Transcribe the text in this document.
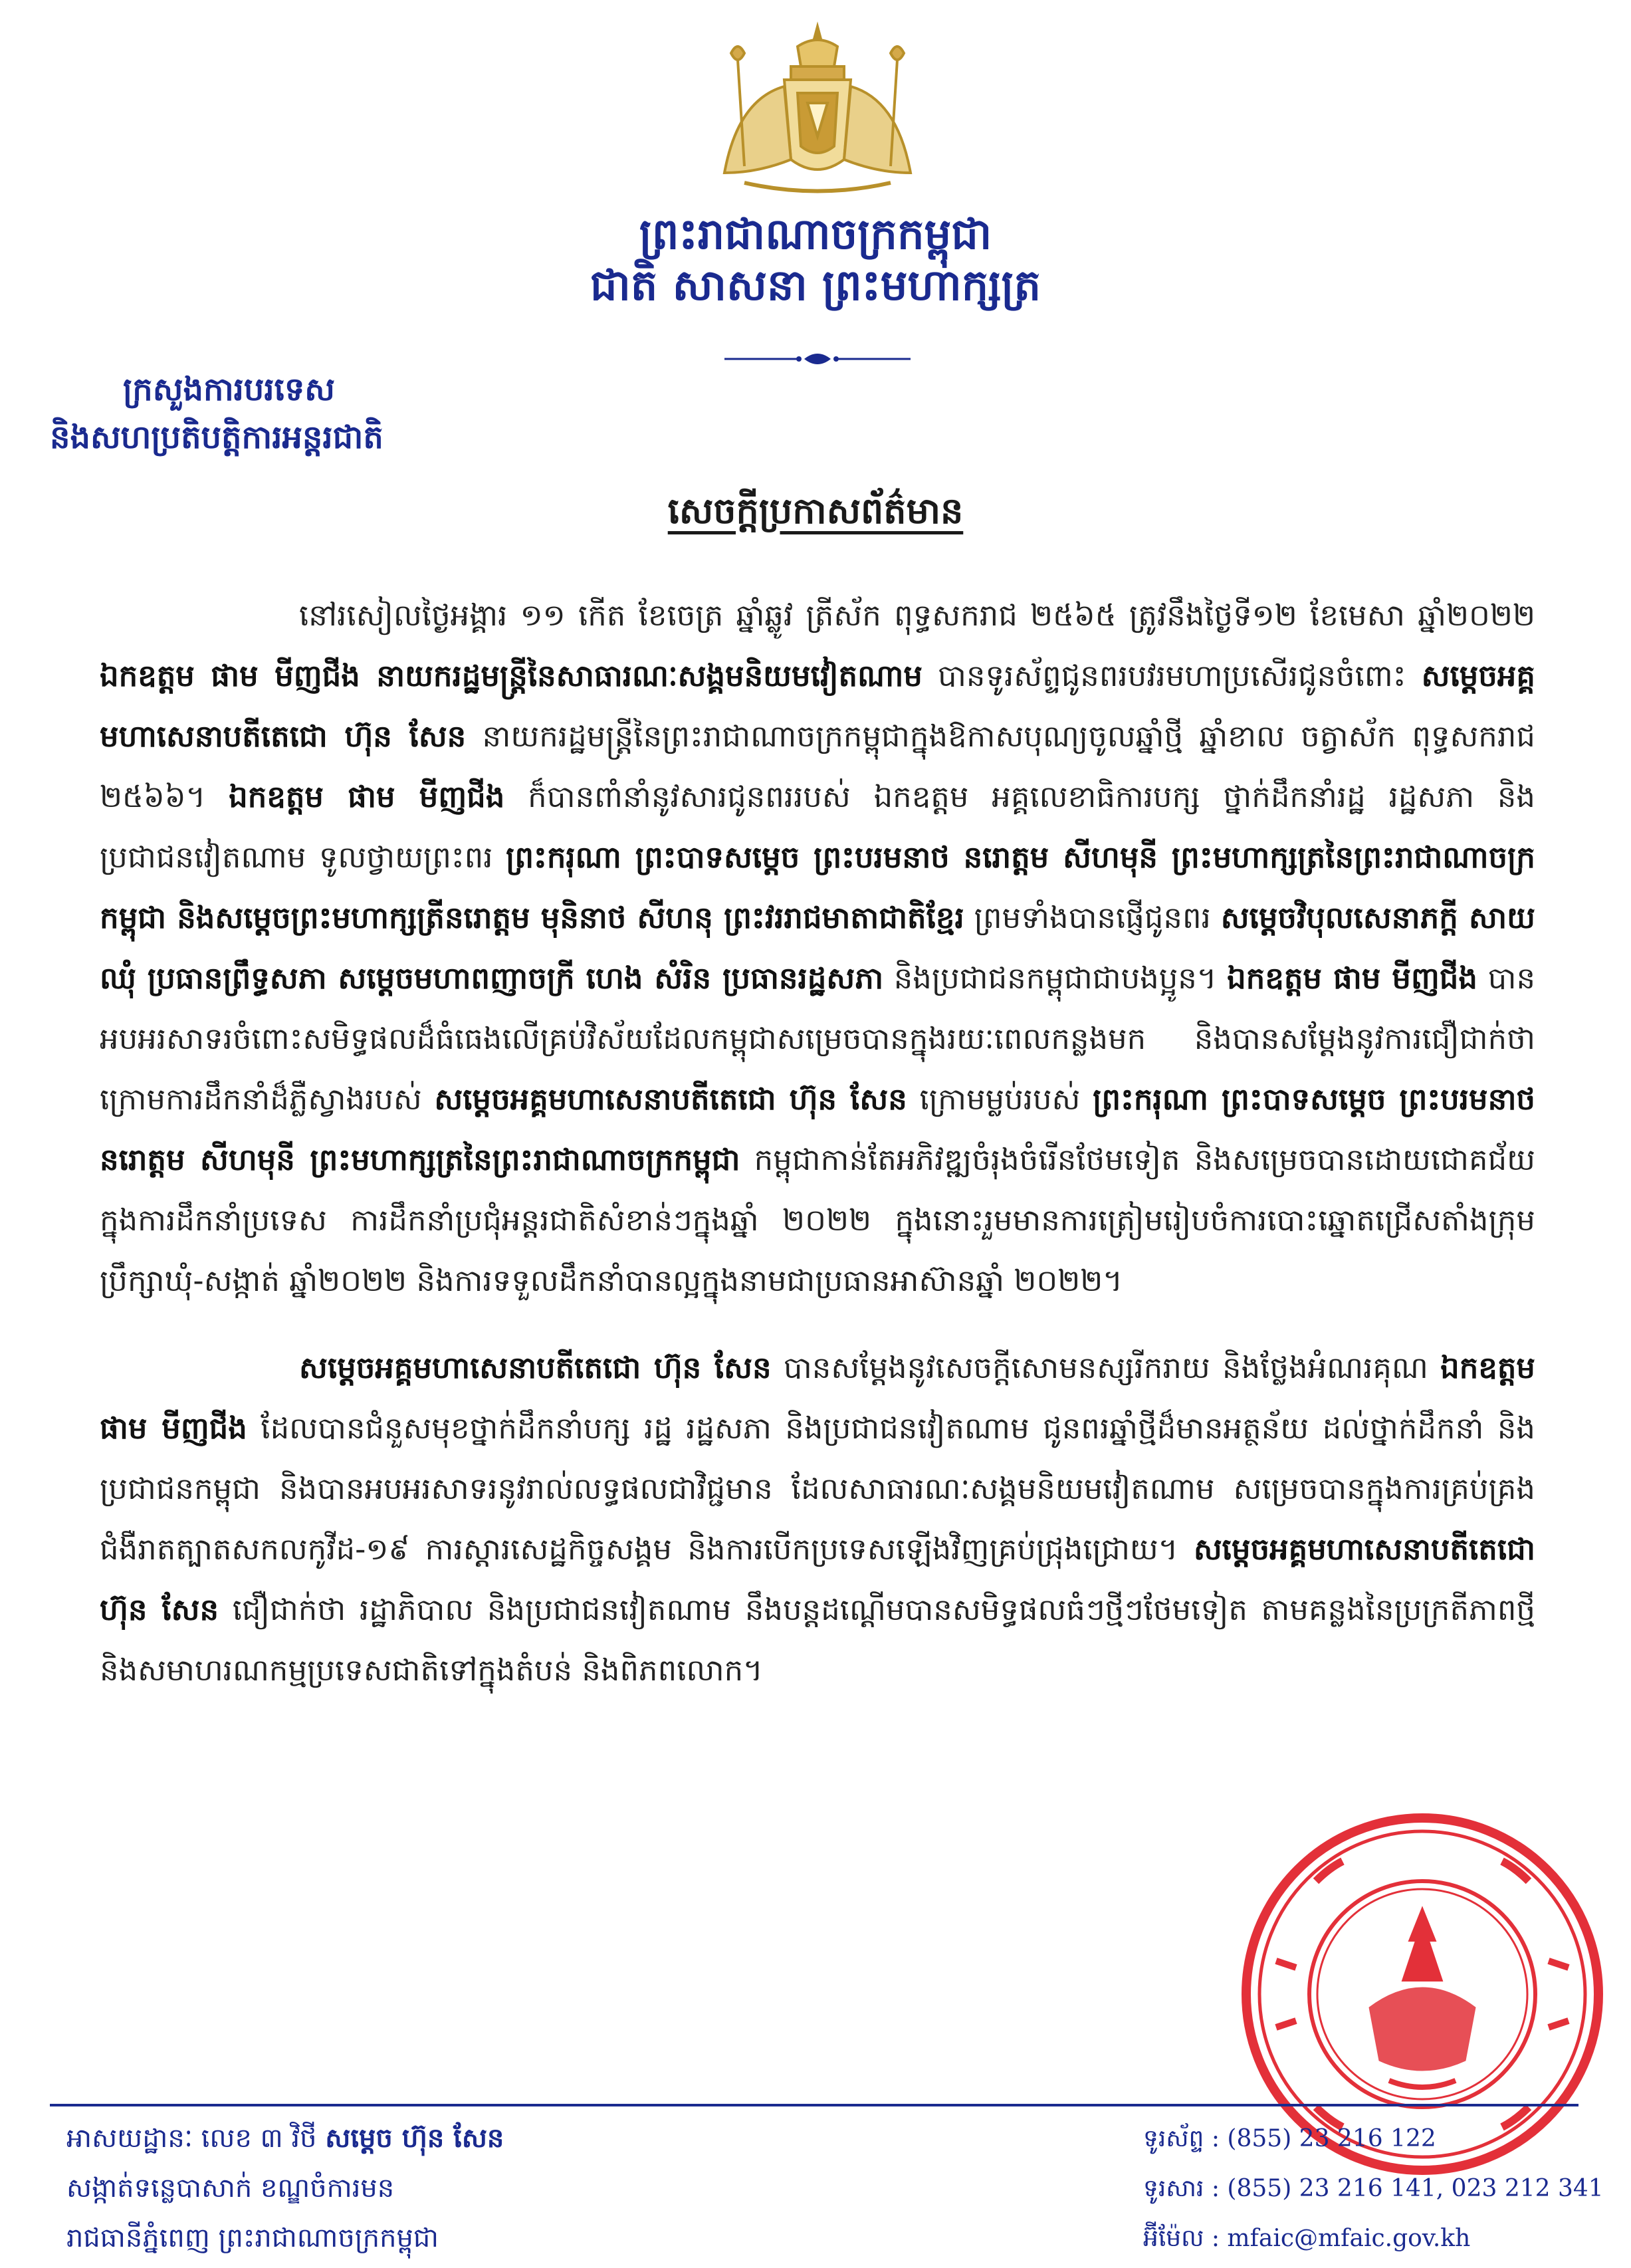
ព្រះរាជាណាចក្រកម្ពុជា
ជាតិ សាសនា ព្រះមហាក្សត្រ
ក្រសួងការបរទេស
និងសហប្រតិបត្តិការអន្តរជាតិ
សេចក្តីប្រកាសព័ត៌មាន

នៅរសៀលថ្ងៃអង្គារ ១១ កើត ខែចេត្រ ឆ្នាំឆ្លូវ ត្រីស័ក ពុទ្ធសករាជ ២៥៦៥ ត្រូវនឹងថ្ងៃទី១២ ខែមេសា ឆ្នាំ២០២២ ឯកឧត្តម ផាម មីញជីង នាយករដ្ឋមន្ត្រីនៃសាធារណៈសង្គមនិយមវៀតណាម បានទូរស័ព្ទជូនពរបវរមហាប្រសើរជូនចំពោះ សម្តេចអគ្គមហាសេនាបតីតេជោ ហ៊ុន សែន នាយករដ្ឋមន្ត្រីនៃព្រះរាជាណាចក្រកម្ពុជាក្នុងឱកាសបុណ្យចូលឆ្នាំថ្មី ឆ្នាំខាល ចត្វាស័ក ពុទ្ធសករាជ ២៥៦៦។ ឯកឧត្តម ផាម មីញជីង ក៏បានពាំនាំនូវសារជូនពររបស់ ឯកឧត្តម អគ្គលេខាធិការបក្ស ថ្នាក់ដឹកនាំរដ្ឋ រដ្ឋសភា និងប្រជាជនវៀតណាម ទូលថ្វាយព្រះពរ ព្រះករុណា ព្រះបាទសម្តេច ព្រះបរមនាថ នរោត្តម សីហមុនី ព្រះមហាក្សត្រនៃព្រះរាជាណាចក្រកម្ពុជា និងសម្តេចព្រះមហាក្សត្រីនរោត្តម មុនិនាថ សីហនុ ព្រះវររាជមាតាជាតិខ្មែរ ព្រមទាំងបានផ្ញើជូនពរ សម្តេចវិបុលសេនាភក្តី សាយ ឈុំ ប្រធានព្រឹទ្ធសភា សម្តេចមហាពញាចក្រី ហេង សំរិន ប្រធានរដ្ឋសភា និងប្រជាជនកម្ពុជាជាបងប្អូន។ ឯកឧត្តម ផាម មីញជីង បានអបអរសាទរចំពោះសមិទ្ធផលដ៏ធំធេងលើគ្រប់វិស័យដែលកម្ពុជាសម្រេចបានក្នុងរយៈពេលកន្លងមក និងបានសម្តែងនូវការជឿជាក់ថា ក្រោមការដឹកនាំដ៏ភ្លឺស្វាងរបស់ សម្តេចអគ្គមហាសេនាបតីតេជោ ហ៊ុន សែន ក្រោមម្លប់របស់ ព្រះករុណា ព្រះបាទសម្តេច ព្រះបរមនាថ នរោត្តម សីហមុនី ព្រះមហាក្សត្រនៃព្រះរាជាណាចក្រកម្ពុជា កម្ពុជាកាន់តែអភិវឌ្ឍចំរុងចំរើនថែមទៀត និងសម្រេចបានដោយជោគជ័យក្នុងការដឹកនាំប្រទេស ការដឹកនាំប្រជុំអន្តរជាតិសំខាន់ៗក្នុងឆ្នាំ ២០២២ ក្នុងនោះរួមមានការត្រៀមរៀបចំការបោះឆ្នោតជ្រើសតាំងក្រុមប្រឹក្សាឃុំ-សង្កាត់ ឆ្នាំ២០២២ និងការទទួលដឹកនាំបានល្អក្នុងនាមជាប្រធានអាស៊ានឆ្នាំ ២០២២។

សម្តេចអគ្គមហាសេនាបតីតេជោ ហ៊ុន សែន បានសម្តែងនូវសេចក្តីសោមនស្សរីករាយ និងថ្លែងអំណរគុណ ឯកឧត្តម ផាម មីញជីង ដែលបានជំនួសមុខថ្នាក់ដឹកនាំបក្ស រដ្ឋ រដ្ឋសភា និងប្រជាជនវៀតណាម ជូនពរឆ្នាំថ្មីដ៏មានអត្ថន័យ ដល់ថ្នាក់ដឹកនាំ និងប្រជាជនកម្ពុជា និងបានអបអរសាទរនូវរាល់លទ្ធផលជាវិជ្ជមាន ដែលសាធារណៈសង្គមនិយមវៀតណាម សម្រេចបានក្នុងការគ្រប់គ្រងជំងឺរាតត្បាតសកលកូវីដ-១៩ ការស្តារសេដ្ឋកិច្ចសង្គម និងការបើកប្រទេសឡើងវិញគ្រប់ជ្រុងជ្រោយ។ សម្តេចអគ្គមហាសេនាបតីតេជោ ហ៊ុន សែន ជឿជាក់ថា រដ្ឋាភិបាល និងប្រជាជនវៀតណាម នឹងបន្តដណ្តើមបានសមិទ្ធផលធំៗថ្មីៗថែមទៀត តាមគន្លងនៃប្រក្រតីភាពថ្មី និងសមាហរណកម្មប្រទេសជាតិទៅក្នុងតំបន់ និងពិភពលោក។

អាសយដ្ឋានៈ លេខ ៣ វិថី សម្តេច ហ៊ុន សែន
សង្កាត់ទន្លេបាសាក់ ខណ្ឌចំការមន
រាជធានីភ្នំពេញ ព្រះរាជាណាចក្រកម្ពុជា
ទូរស័ព្ទ : (855) 23 216 122
ទូរសារ : (855) 23 216 141, 023 212 341
អ៊ីម៉ែល : mfaic@mfaic.gov.kh
